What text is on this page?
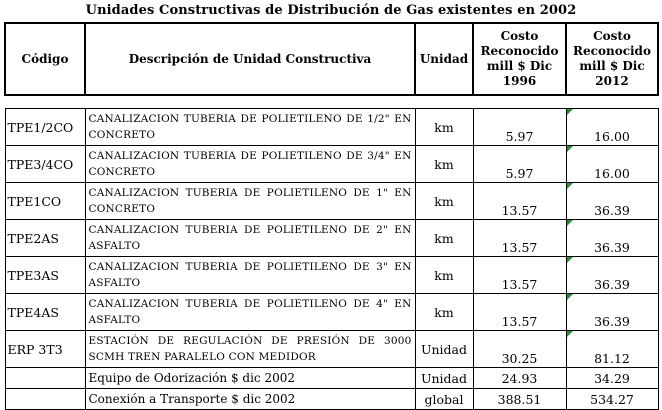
Unidades Constructivas de Distribución de Gas existentes en 2002
Código	Descripción de Unidad Constructiva	Unidad	Costo Reconocido mill $ Dic 1996	Costo Reconocido mill $ Dic 2012

TPE1/2CO	CANALIZACION TUBERIA DE POLIETILENO DE 1/2" EN CONCRETO	km	5.97	16.00
TPE3/4CO	CANALIZACION TUBERIA DE POLIETILENO DE 3/4" EN CONCRETO	km	5.97	16.00
TPE1CO	CANALIZACION TUBERIA DE POLIETILENO DE 1" EN CONCRETO	km	13.57	36.39
TPE2AS	CANALIZACION TUBERIA DE POLIETILENO DE 2" EN ASFALTO	km	13.57	36.39
TPE3AS	CANALIZACION TUBERIA DE POLIETILENO DE 3" EN ASFALTO	km	13.57	36.39
TPE4AS	CANALIZACION TUBERIA DE POLIETILENO DE 4" EN ASFALTO	km	13.57	36.39
ERP 3T3	ESTACIÓN DE REGULACIÓN DE PRESIÓN DE 3000 SCMH TREN PARALELO CON MEDIDOR	Unidad	30.25	81.12
	Equipo de Odorización $ dic 2002	Unidad	24.93	34.29
	Conexión a Transporte $ dic 2002	global	388.51	534.27
